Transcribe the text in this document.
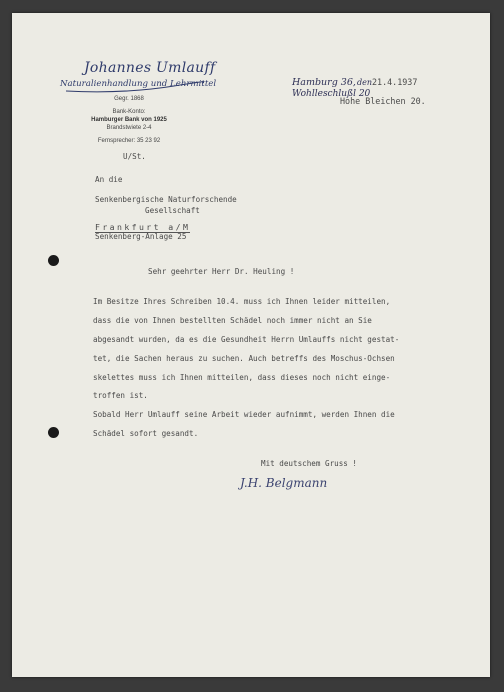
Johannes Umlauff
Naturalienhandlung und Lehrmittel
Gegr. 1868
Bank-Konto:
Hamburger Bank von 1925
Brandstwiete 2-4
Fernsprecher: 35 23 92
Hamburg 36, den 21.4.1937
Wohlleschlußl 20
Hohe Bleichen 20.
U/St.
An die
Senkenbergische Naturforschende
Gesellschaft
Frankfurt a/M
Senkenberg-Anlage 25
Sehr geehrter Herr Dr. Heuling !
Im Besitze Ihres Schreiben 10.4. muss ich Ihnen leider mitteilen,
dass die von Ihnen bestellten Schädel noch immer nicht an Sie
abgesandt wurden, da es die Gesundheit Herrn Umlauffs nicht gestat-
tet, die Sachen heraus zu suchen. Auch betreffs des Moschus-Ochsen
skelettes muss ich Ihnen mitteilen, dass dieses noch nicht einge-
troffen ist.
Sobald Herr Umlauff seine Arbeit wieder aufnimmt, werden Ihnen die
Schädel sofort gesandt.
Mit deutschem Gruss !
J.H. Belgmann
